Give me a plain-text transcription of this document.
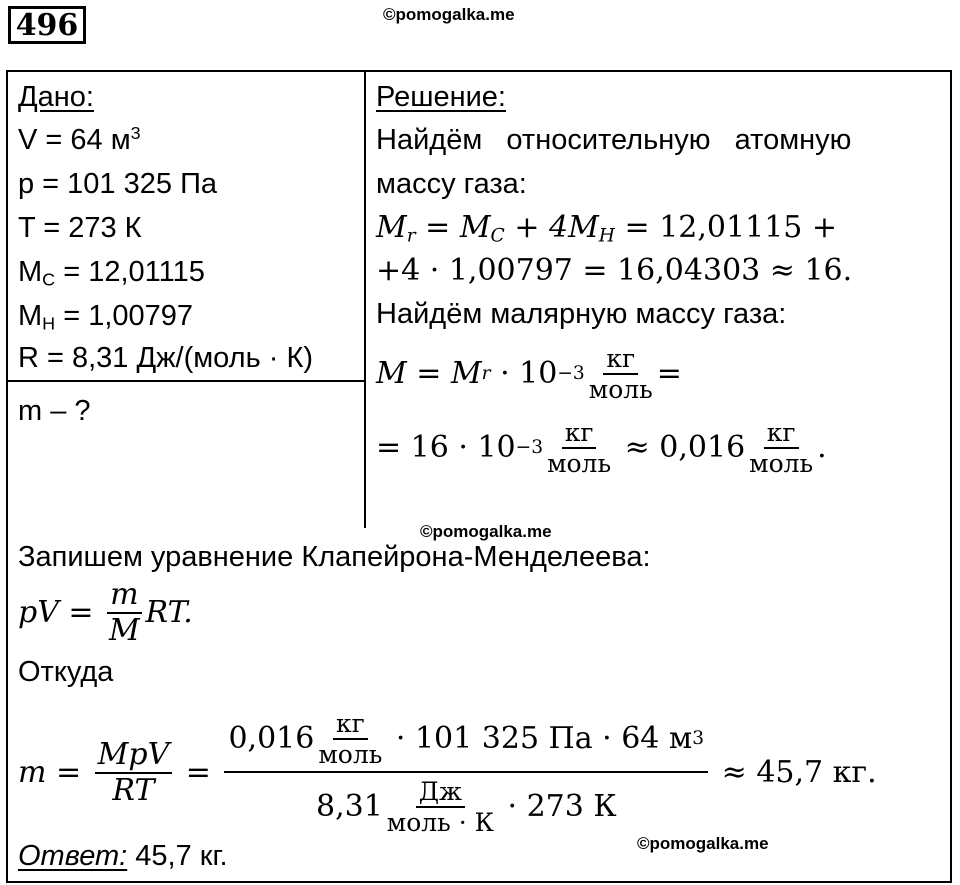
496	©pomogalka.me
Дано:
V = 64 $м^3$
p = 101 325 Па
T = 273 К
$M_C = 12,01115$
$M_H = 1,00797$
R = 8,31 Дж/(моль · К)
m – ?
Решение:
Найдём   относительную   атомную
массу газа:
$M_r = M_C + 4M_H = 12,01115$ +
+4 · 1,00797 = 16,04303 ≈ 16.
Найдём малярную массу газа:
M = M $r \cdot 10 -3 \frac{кг}{\text{моль}}$ =
= $16 \cdot 10 -3 \frac{кг}{\text{моль}} \approx 0,016 \frac{кг}{\text{моль}}$ .
©pomogalka.me
Запишем уравнение Клапейрона-Менделеева:
pV = $\frac{m}{M}$ RT.
Откуда
$m = \frac{\text{MpV}}{RT} = \frac{0,016 \frac{кг}{\text{моль}} \cdot 101 325 Па \cdot 64 м 3}{8,31 \frac{Дж}{\text{моль · К}} \cdot 273 К} \approx 45,7$ кг.
©pomogalka.me
Ответ: 45,7 кг.
